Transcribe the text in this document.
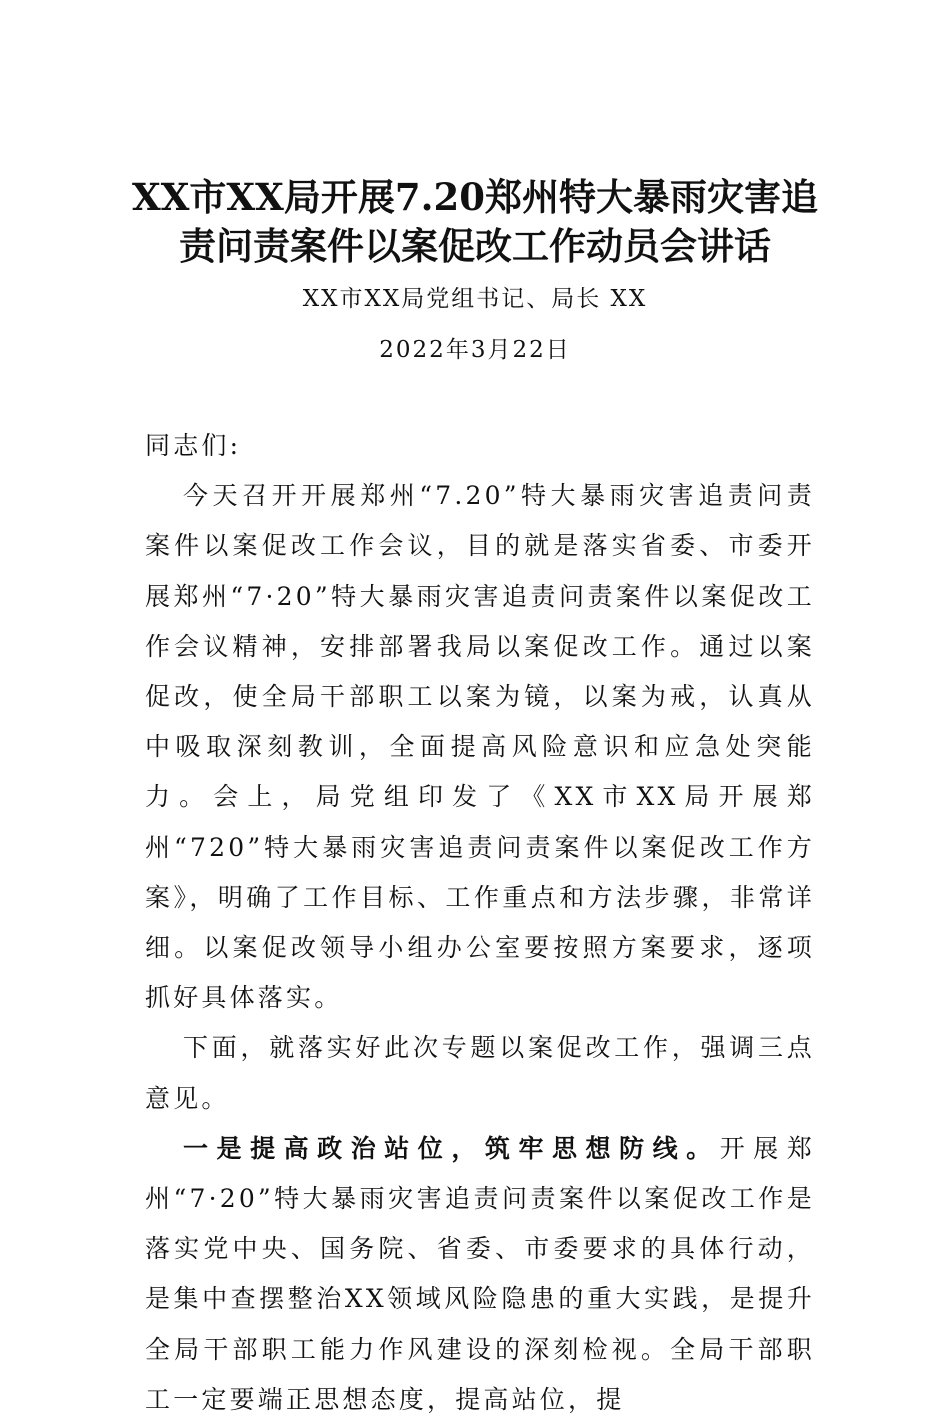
XX市XX局开展7.20郑州特大暴雨灾害追
责问责案件以案促改工作动员会讲话
XX市XX局党组书记、局长 XX
2022年3月22日

同志们:

今天召开开展郑州“7.20”特大暴雨灾害追责问责案件以案促改工作会议，目的就是落实省委、市委开展郑州“7·20”特大暴雨灾害追责问责案件以案促改工作会议精神，安排部署我局以案促改工作。通过以案促改，使全局干部职工以案为镜，以案为戒，认真从中吸取深刻教训，全面提高风险意识和应急处突能力。会上，局党组印发了《XX市XX局开展郑州“720”特大暴雨灾害追责问责案件以案促改工作方案》，明确了工作目标、工作重点和方法步骤，非常详细。以案促改领导小组办公室要按照方案要求，逐项抓好具体落实。

下面，就落实好此次专题以案促改工作，强调三点意见。

一是提高政治站位，筑牢思想防线。开展郑州“7·20”特大暴雨灾害追责问责案件以案促改工作是落实党中央、国务院、省委、市委要求的具体行动，是集中查摆整治XX领域风险隐患的重大实践，是提升全局干部职工能力作风建设的深刻检视。全局干部职工一定要端正思想态度，提高站位，提
